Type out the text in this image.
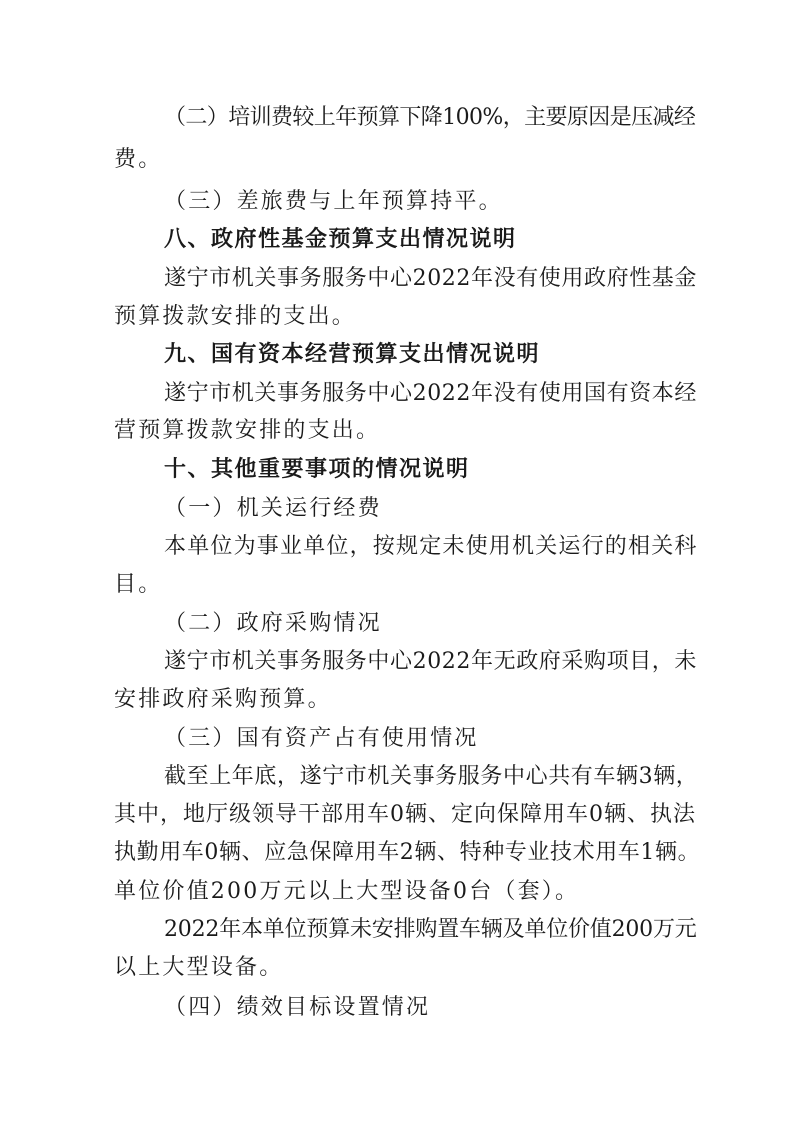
（二）培训费较上年预算下降100%，主要原因是压减经
费。
（三）差旅费与上年预算持平。
八、政府性基金预算支出情况说明
遂宁市机关事务服务中心2022年没有使用政府性基金
预算拨款安排的支出。
九、国有资本经营预算支出情况说明
遂宁市机关事务服务中心2022年没有使用国有资本经
营预算拨款安排的支出。
十、其他重要事项的情况说明
（一）机关运行经费
本单位为事业单位，按规定未使用机关运行的相关科
目。
（二）政府采购情况
遂宁市机关事务服务中心2022年无政府采购项目，未
安排政府采购预算。
（三）国有资产占有使用情况
截至上年底，遂宁市机关事务服务中心共有车辆3辆，
其中，地厅级领导干部用车0辆、定向保障用车0辆、执法
执勤用车0辆、应急保障用车2辆、特种专业技术用车1辆。
单位价值200万元以上大型设备0台（套）。
2022年本单位预算未安排购置车辆及单位价值200万元
以上大型设备。
（四）绩效目标设置情况
